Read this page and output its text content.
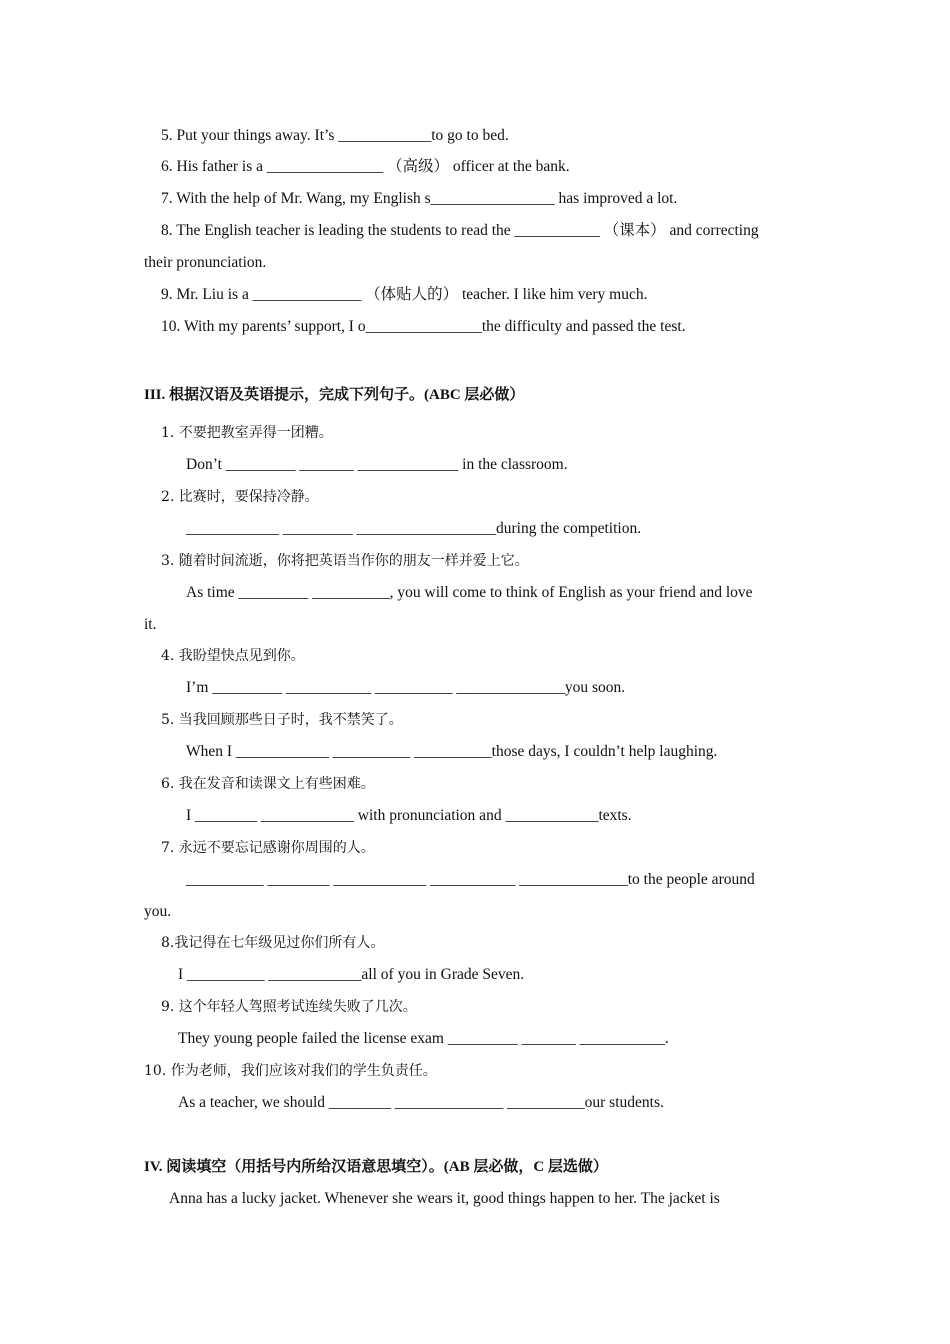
5. Put your things away. It’s ____________to go to bed.
6. His father is a _______________ （高级） officer at the bank.
7. With the help of Mr. Wang, my English s________________ has improved a lot.
8. The English teacher is leading the students to read the ___________ （课本） and correcting
their pronunciation.
9. Mr. Liu is a ______________ （体贴人的） teacher. I like him very much.
10. With my parents’ support, I o_______________the difficulty and passed the test.
III. 根据汉语及英语提示，完成下列句子。(ABC 层必做）
1. 不要把教室弄得一团糟。
Don’t _________ _______ _____________ in the classroom.
2. 比赛时，要保持冷静。
____________ _________ __________________during the competition.
3. 随着时间流逝，你将把英语当作你的朋友一样并爱上它。
As time _________ __________, you will come to think of English as your friend and love
it.
4. 我盼望快点见到你。
I’m _________ ___________ __________ ______________you soon.
5. 当我回顾那些日子时，我不禁笑了。
When I ____________ __________ __________those days, I couldn’t help laughing.
6. 我在发音和读课文上有些困难。
I ________ ____________ with pronunciation and ____________texts.
7. 永远不要忘记感谢你周围的人。
__________ ________ ____________ ___________ ______________to the people around
you.
8.我记得在七年级见过你们所有人。
I __________ ____________all of you in Grade Seven.
9. 这个年轻人驾照考试连续失败了几次。
They young people failed the license exam _________ _______ ___________.
10. 作为老师，我们应该对我们的学生负责任。
As a teacher, we should ________ ______________ __________our students.
IV. 阅读填空（用括号内所给汉语意思填空）。(AB 层必做，C 层选做）
Anna has a lucky jacket. Whenever she wears it, good things happen to her. The jacket is
